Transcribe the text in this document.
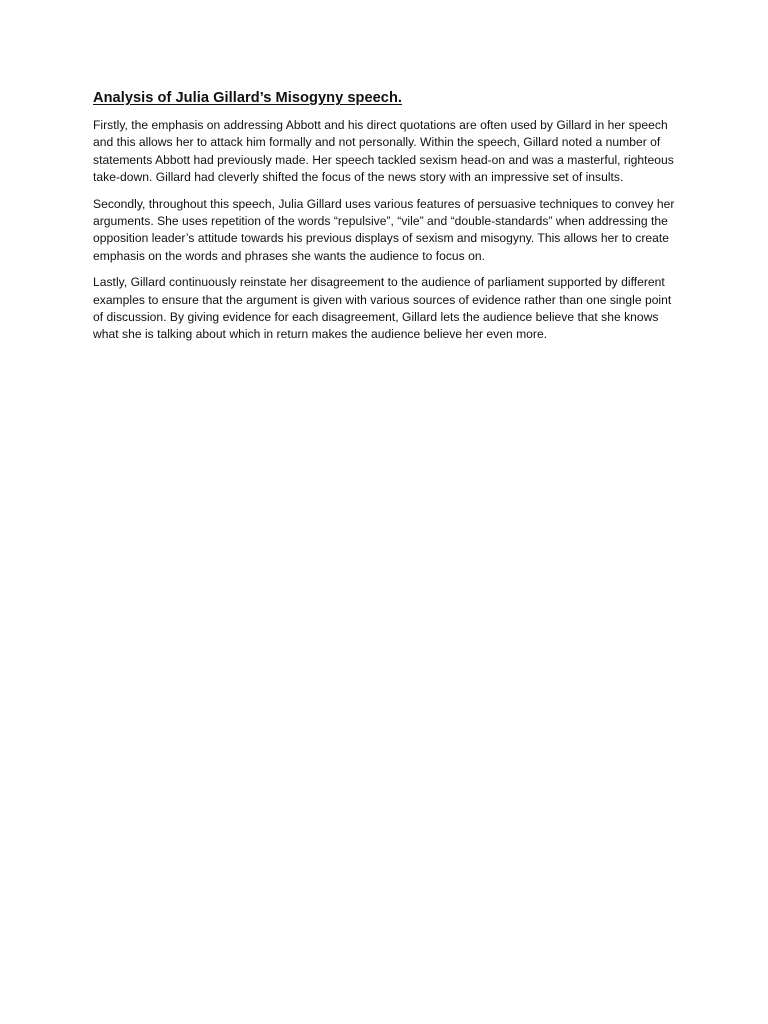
Analysis of Julia Gillard’s Misogyny speech.

Firstly, the emphasis on addressing Abbott and his direct quotations are often used by Gillard in her speech and this allows her to attack him formally and not personally. Within the speech, Gillard noted a number of statements Abbott had previously made. Her speech tackled sexism head-on and was a masterful, righteous take-down. Gillard had cleverly shifted the focus of the news story with an impressive set of insults.

Secondly, throughout this speech, Julia Gillard uses various features of persuasive techniques to convey her arguments. She uses repetition of the words “repulsive”, “vile” and “double-standards” when addressing the opposition leader’s attitude towards his previous displays of sexism and misogyny. This allows her to create emphasis on the words and phrases she wants the audience to focus on.

Lastly, Gillard continuously reinstate her disagreement to the audience of parliament supported by different examples to ensure that the argument is given with various sources of evidence rather than one single point of discussion. By giving evidence for each disagreement, Gillard lets the audience believe that she knows what she is talking about which in return makes the audience believe her even more.
